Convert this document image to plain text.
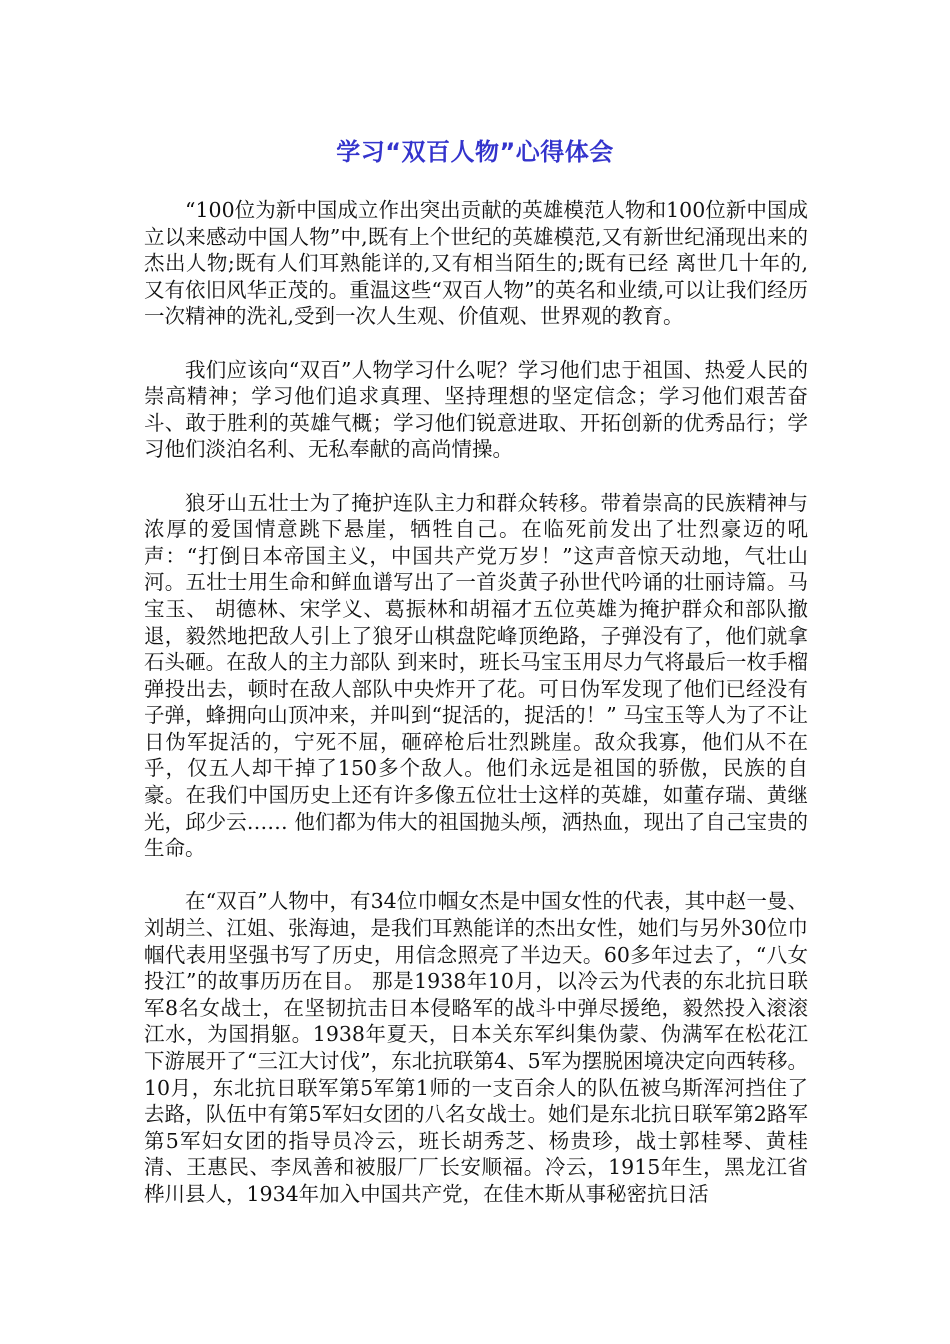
学习“双百人物”心得体会

“100位为新中国成立作出突出贡献的英雄模范人物和100位新中国成立以来感动中国人物”中,既有上个世纪的英雄模范,又有新世纪涌现出来的杰出人物;既有人们耳熟能详的,又有相当陌生的;既有已经 离世几十年的,又有依旧风华正茂的。重温这些“双百人物”的英名和业绩,可以让我们经历一次精神的洗礼,受到一次人生观、价值观、世界观的教育。

我们应该向“双百”人物学习什么呢？学习他们忠于祖国、热爱人民的崇高精神；学习他们追求真理、坚持理想的坚定信念；学习他们艰苦奋斗、敢于胜利的英雄气概；学习他们锐意进取、开拓创新的优秀品行；学习他们淡泊名利、无私奉献的高尚情操。

狼牙山五壮士为了掩护连队主力和群众转移。带着崇高的民族精神与浓厚的爱国情意跳下悬崖，牺牲自己。在临死前发出了壮烈豪迈的吼声：“打倒日本帝国主义，中国共产党万岁！”这声音惊天动地，气壮山河。五壮士用生命和鲜血谱写出了一首炎黄子孙世代吟诵的壮丽诗篇。马宝玉、 胡德林、宋学义、葛振林和胡福才五位英雄为掩护群众和部队撤退，毅然地把敌人引上了狼牙山棋盘陀峰顶绝路，子弹没有了，他们就拿石头砸。在敌人的主力部队 到来时，班长马宝玉用尽力气将最后一枚手榴弹投出去，顿时在敌人部队中央炸开了花。可日伪军发现了他们已经没有子弹，蜂拥向山顶冲来，并叫到“捉活的，捉活的！” 马宝玉等人为了不让日伪军捉活的，宁死不屈，砸碎枪后壮烈跳崖。敌众我寡，他们从不在乎，仅五人却干掉了150多个敌人。他们永远是祖国的骄傲，民族的自豪。在我们中国历史上还有许多像五位壮士这样的英雄，如董存瑞、黄继光，邱少云…… 他们都为伟大的祖国抛头颅，洒热血，现出了自己宝贵的生命。

在“双百”人物中，有34位巾帼女杰是中国女性的代表，其中赵一曼、刘胡兰、江姐、张海迪，是我们耳熟能详的杰出女性，她们与另外30位巾帼代表用坚强书写了历史，用信念照亮了半边天。60多年过去了，“八女投江”的故事历历在目。 那是1938年10月，以冷云为代表的东北抗日联军8名女战士，在坚韧抗击日本侵略军的战斗中弹尽援绝，毅然投入滚滚江水，为国捐躯。1938年夏天，日本关东军纠集伪蒙、伪满军在松花江下游展开了“三江大讨伐”，东北抗联第4、5军为摆脱困境决定向西转移。10月，东北抗日联军第5军第1师的一支百余人的队伍被乌斯浑河挡住了去路，队伍中有第5军妇女团的八名女战士。她们是东北抗日联军第2路军第5军妇女团的指导员冷云，班长胡秀芝、杨贵珍，战士郭桂琴、黄桂清、王惠民、李凤善和被服厂厂长安顺福。冷云，1915年生，黑龙江省桦川县人，1934年加入中国共产党，在佳木斯从事秘密抗日活
